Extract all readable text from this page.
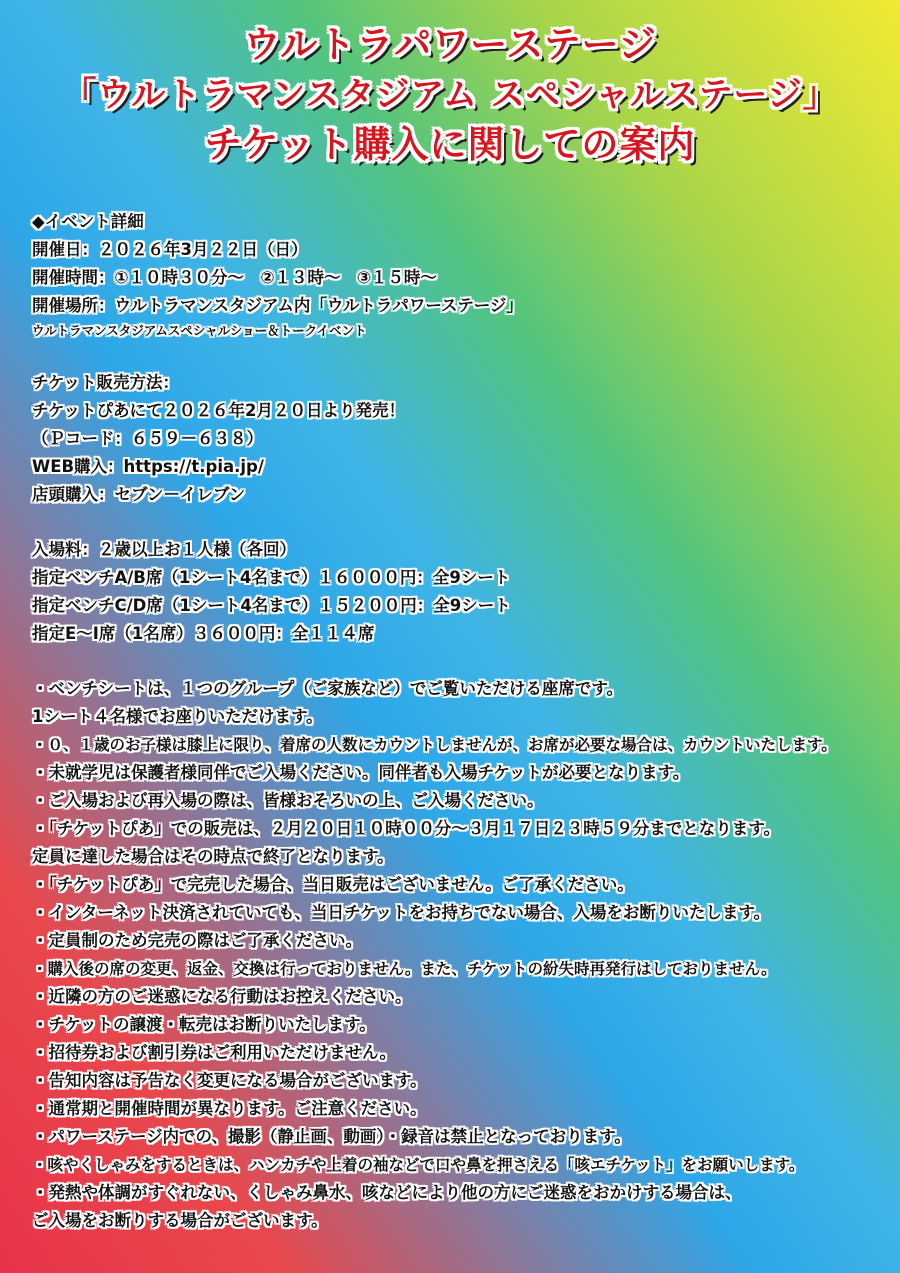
ウルトラパワーステージ
「ウルトラマンスタジアム スペシャルステージ」
チケット購入に関しての案内
◆イベント詳細
開催日：２０２６年3月２２日（日）
開催時間：①１０時３０分～　②１３時～　③１５時～
開催場所：ウルトラマンスタジアム内「ウルトラパワーステージ」
ウルトラマンスタジアムスペシャルショー＆トークイベント
チケット販売方法：
チケットぴあにて２０２６年2月２０日より発売！
（Ｐコード：６５９－６３８）
WEB購入：https://t.pia.jp/
店頭購入：セブン－イレブン
入場料：２歳以上お１人様（各回）
指定ベンチA/B席（1シート4名まで）１６０００円：全9シート
指定ベンチC/D席（1シート4名まで）１５２００円：全9シート
指定E～I席（1名席）３６００円：全１１４席
・ベンチシートは、１つのグループ（ご家族など）でご覧いただける座席です。
1シート４名様でお座りいただけます。
・０、１歳のお子様は膝上に限り、着席の人数にカウントしませんが、お席が必要な場合は、カウントいたします。
・未就学児は保護者様同伴でご入場ください。同伴者も入場チケットが必要となります。
・ご入場および再入場の際は、皆様おそろいの上、ご入場ください。
・「チケットぴあ」での販売は、２月２０日１０時００分～３月１７日２３時５９分までとなります。
定員に達した場合はその時点で終了となります。
・「チケットぴあ」で完売した場合、当日販売はございません。ご了承ください。
・インターネット決済されていても、当日チケットをお持ちでない場合、入場をお断りいたします。
・定員制のため完売の際はご了承ください。
・購入後の席の変更、返金、交換は行っておりません。また、チケットの紛失時再発行はしておりません。
・近隣の方のご迷惑になる行動はお控えください。
・チケットの譲渡・転売はお断りいたします。
・招待券および割引券はご利用いただけません。
・告知内容は予告なく変更になる場合がございます。
・通常期と開催時間が異なります。ご注意ください。
・パワーステージ内での、撮影（静止画、動画）・録音は禁止となっております。
・咳やくしゃみをするときは、ハンカチや上着の袖などで口や鼻を押さえる「咳エチケット」をお願いします。
・発熱や体調がすぐれない、くしゃみ鼻水、咳などにより他の方にご迷惑をおかけする場合は、
ご入場をお断りする場合がございます。
